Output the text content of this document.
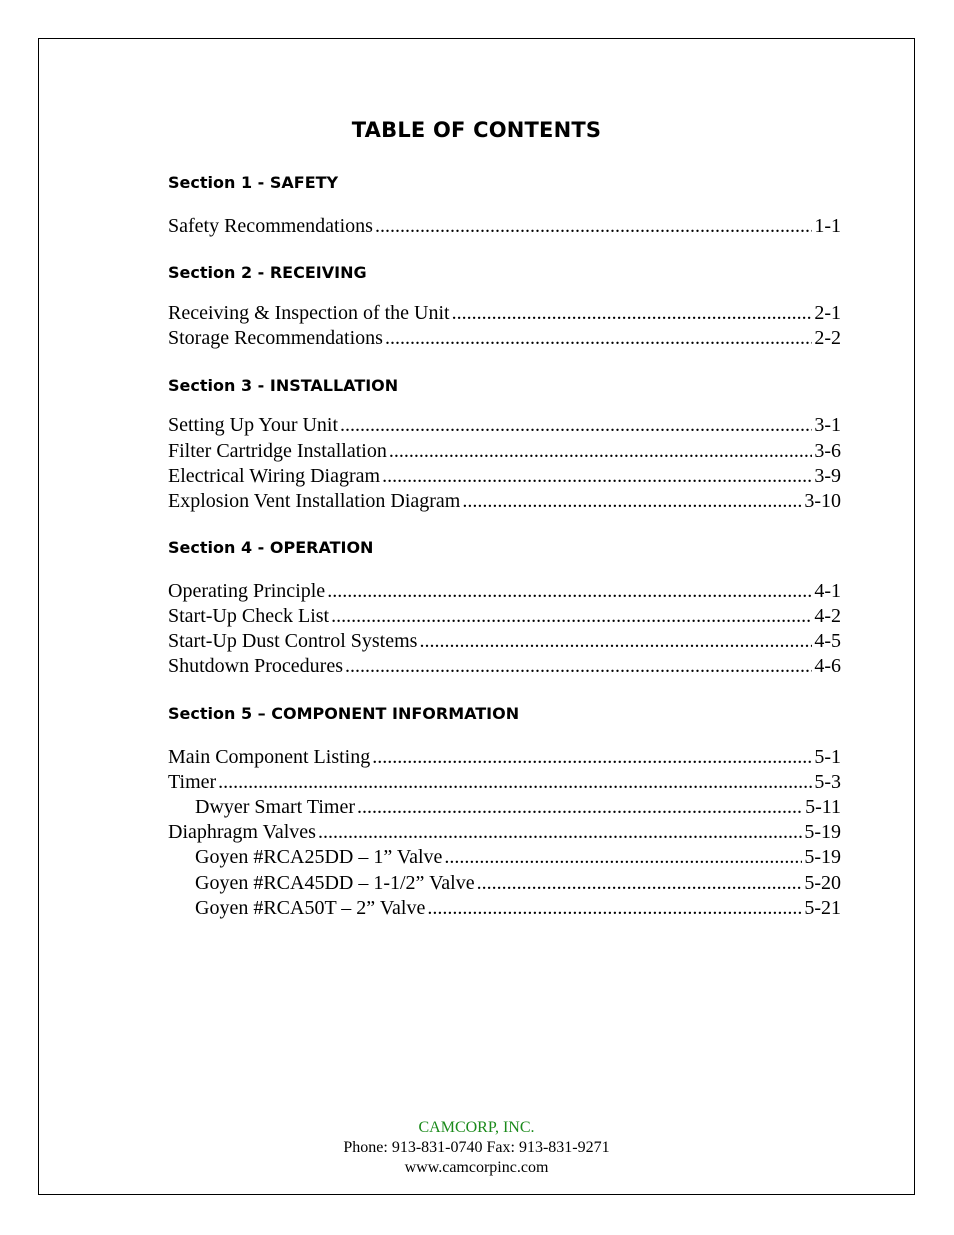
TABLE OF CONTENTS
Section 1 - SAFETY
Safety Recommendations .....	1-1
Section 2 - RECEIVING
Receiving & Inspection of the Unit .....	2-1
Storage Recommendations .....	2-2
Section 3 - INSTALLATION
Setting Up Your Unit .....	3-1
Filter Cartridge Installation .....	3-6
Electrical Wiring Diagram .....	3-9
Explosion Vent Installation Diagram .....	3-10
Section 4 - OPERATION
Operating Principle .....	4-1
Start-Up Check List .....	4-2
Start-Up Dust Control Systems .....	4-5
Shutdown Procedures .....	4-6
Section 5 – COMPONENT INFORMATION
Main Component Listing .....	5-1
Timer .....	5-3
Dwyer Smart Timer .....	5-11
Diaphragm Valves .....	5-19
Goyen #RCA25DD – 1” Valve .....	5-19
Goyen #RCA45DD – 1-1/2” Valve .....	5-20
Goyen #RCA50T – 2” Valve .....	5-21
CAMCORP, INC.
Phone: 913-831-0740 Fax: 913-831-9271
www.camcorpinc.com
